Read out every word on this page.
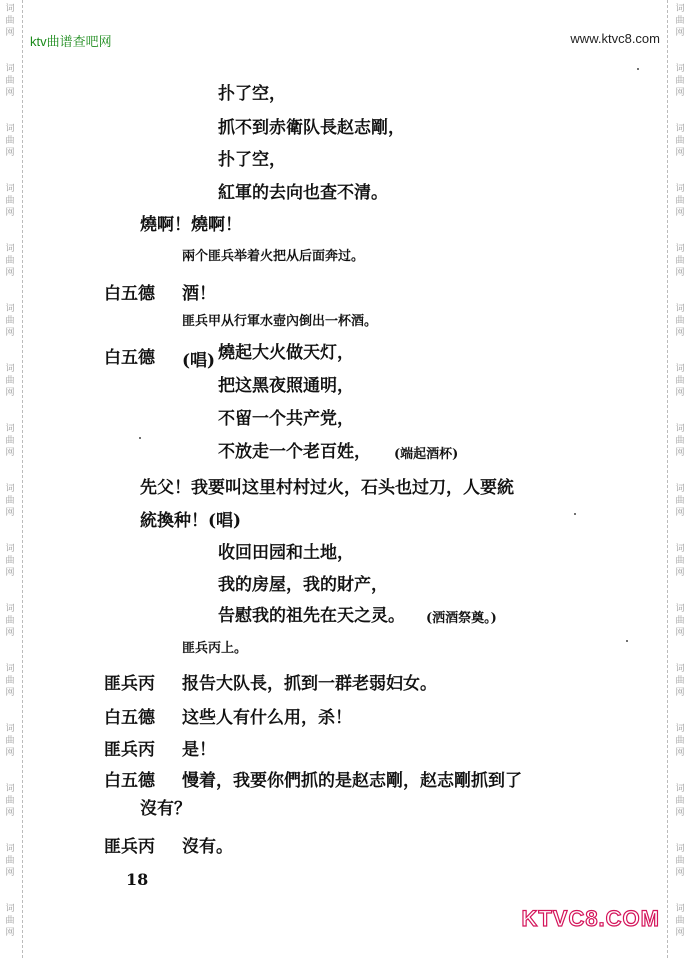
词
曲
网
词
曲
网
词
曲
网
词
曲
网
词
曲
网
词
曲
网
词
曲
网
词
曲
网
词
曲
网
词
曲
网
词
曲
网
词
曲
网
词
曲
网
词
曲
网
词
曲
网
词
曲
网
词
曲
网
词
曲
网
词
曲
网
词
曲
网
词
曲
网
词
曲
网
词
曲
网
词
曲
网
词
曲
网
词
曲
网
词
曲
网
词
曲
网
词
曲
网
词
曲
网
词
曲
网
词
曲
网
ktv曲谱查吧网	www.ktvc8.com
扑了空，
抓不到赤衛队長赵志剛，
扑了空，
紅軍的去向也查不清。
燒啊！燒啊！
兩个匪兵举着火把从后面奔过。
白五德 酒！
匪兵甲从行軍水壺內倒出一杯酒。
白五德 (唱) 燒起大火做天灯，
把这黑夜照通明，
不留一个共产党，
不放走一个老百姓， (端起酒杯)
先父！我要叫这里村村过火，石头也过刀，人要統
統換种！(唱)
收回田园和土地，
我的房屋，我的財产，
告慰我的祖先在天之灵。 (洒酒祭奠。)
匪兵丙上。
匪兵丙 报告大队長，抓到一群老弱妇女。
白五德 这些人有什么用，杀！
匪兵丙 是！
白五德 慢着，我要你們抓的是赵志剛，赵志剛抓到了
沒有？
匪兵丙 沒有。
18
KTVC8.COM
